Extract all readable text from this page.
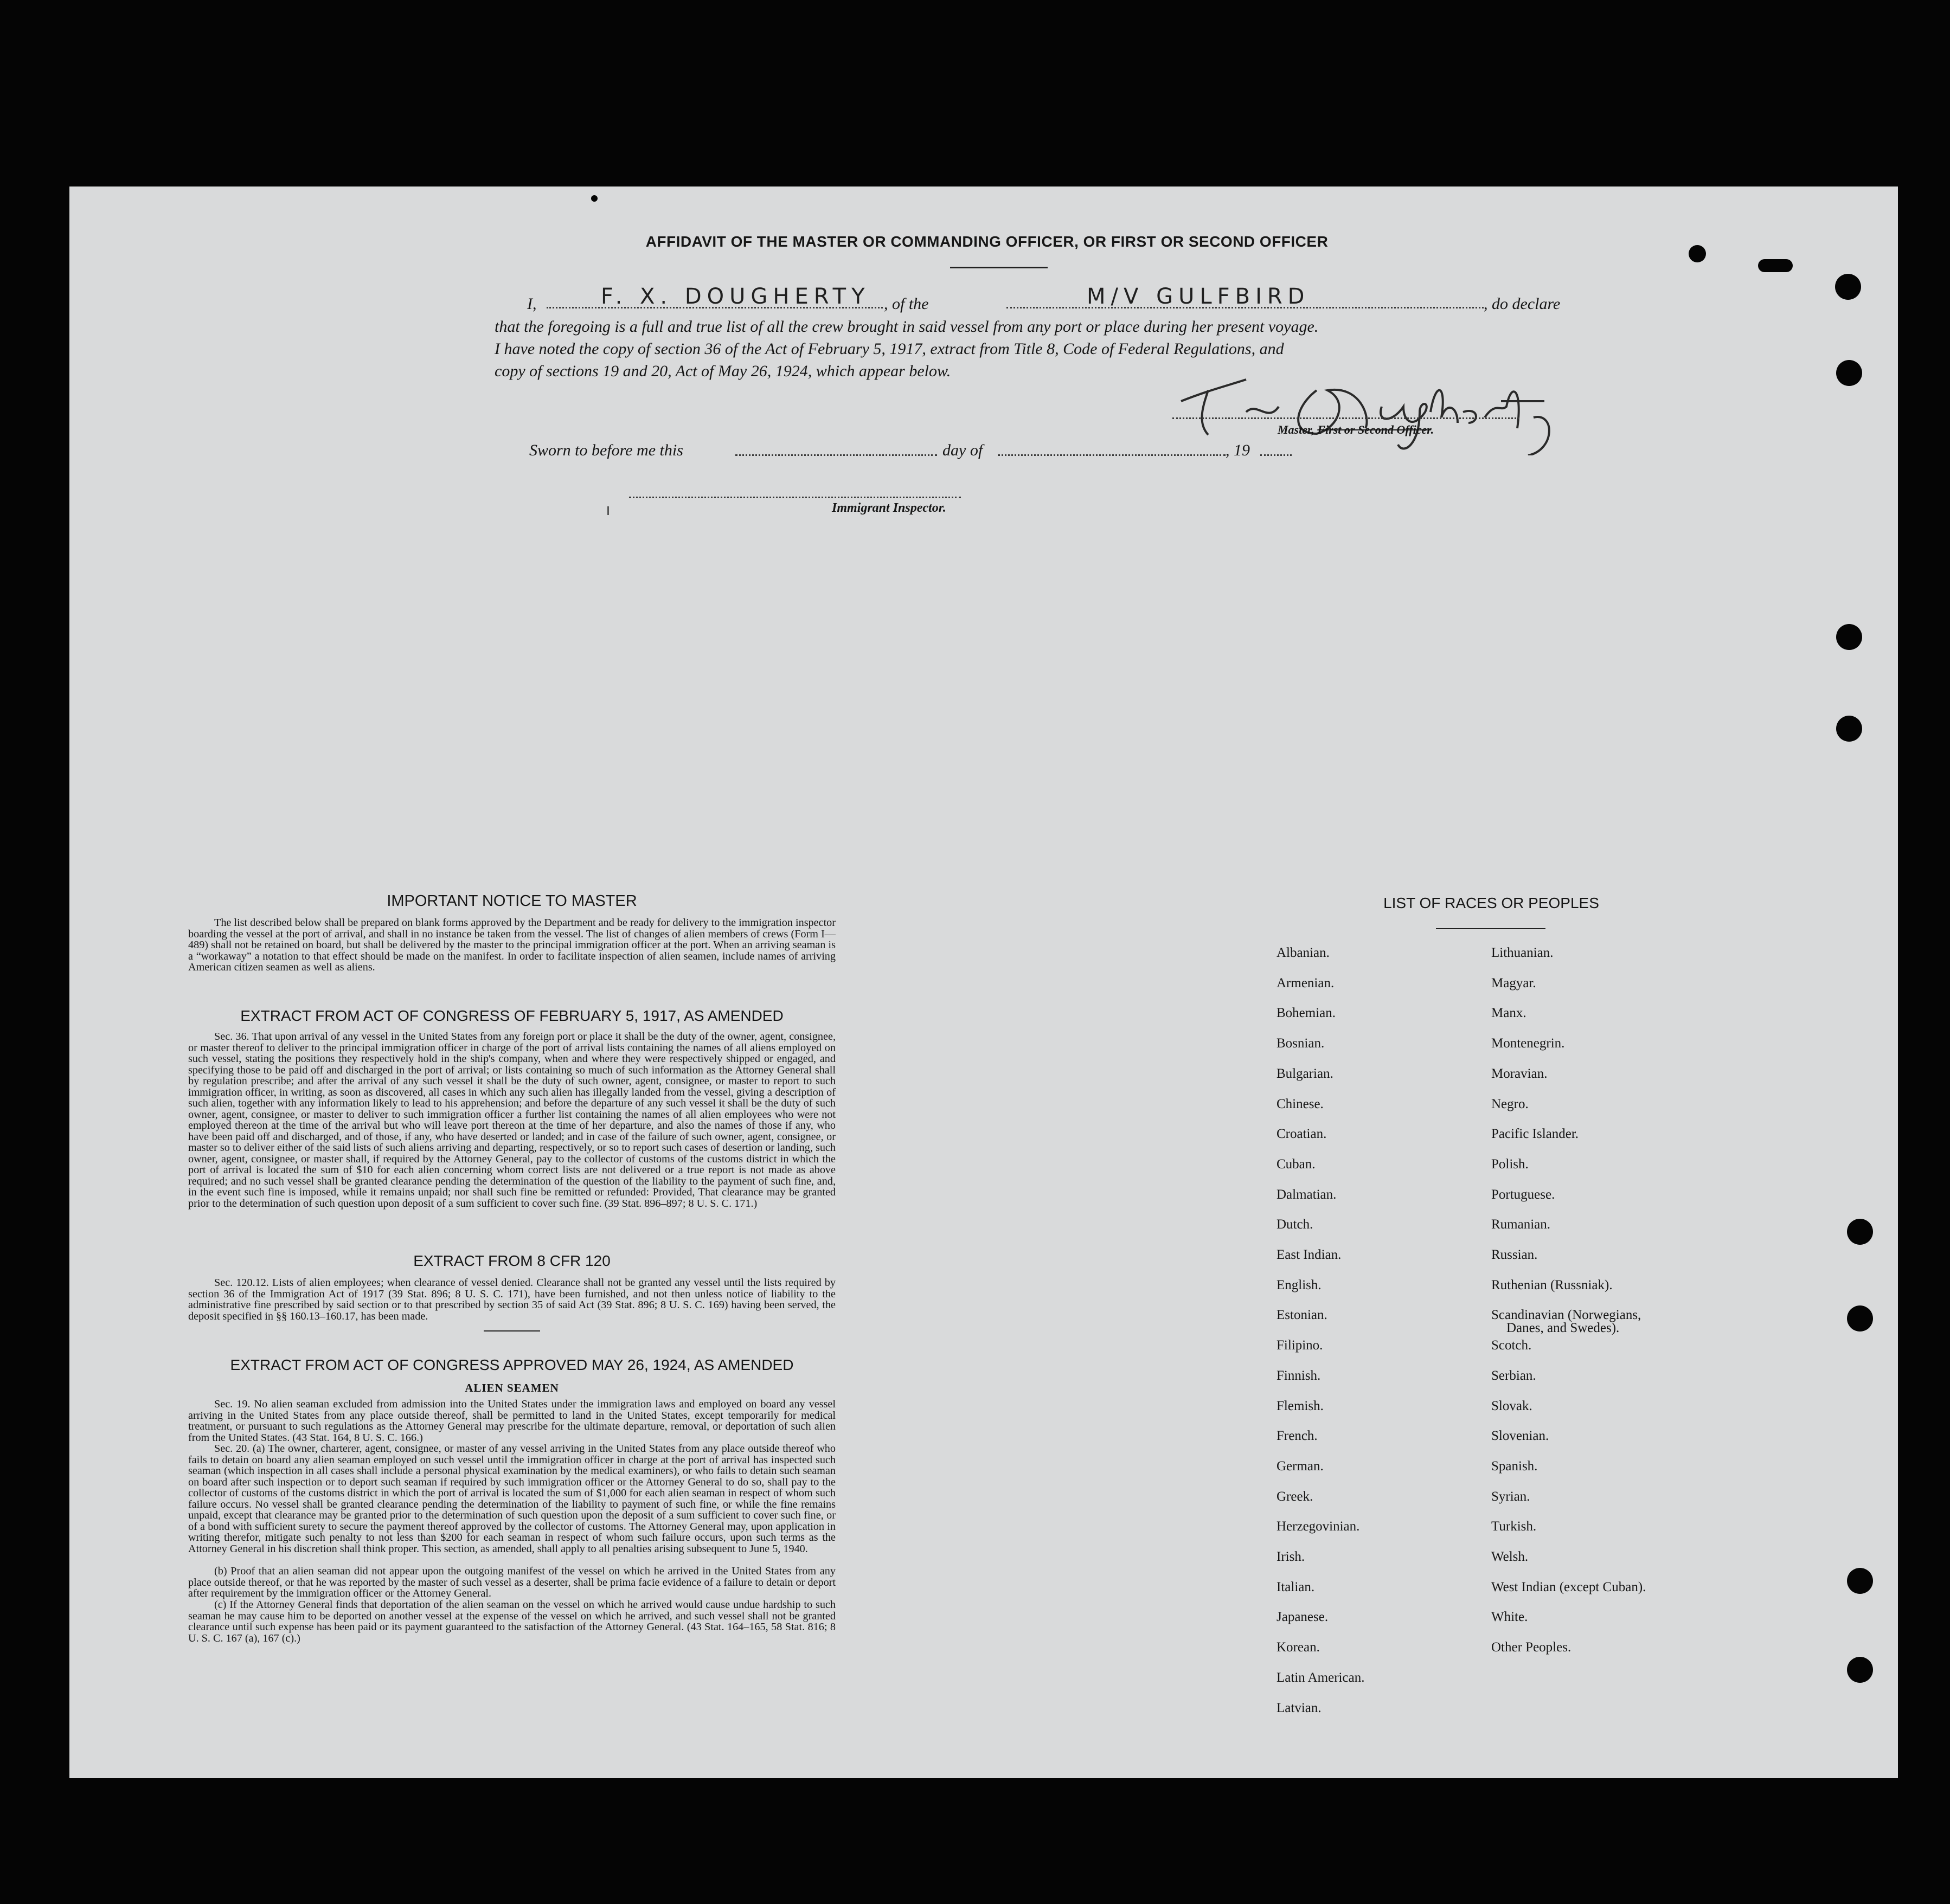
AFFIDAVIT OF THE MASTER OR COMMANDING OFFICER, OR FIRST OR SECOND OFFICER
I,	F. X. DOUGHERTY , of the	M/V GULFBIRD	, do declare
that the foregoing is a full and true list of all the crew brought in said vessel from any port or place during her present voyage.
I have noted the copy of section 36 of the Act of February 5, 1917, extract from Title 8, Code of Federal Regulations, and
copy of sections 19 and 20, Act of May 26, 1924, which appear below.
Master, First or Second Officer.
Sworn to before me this	day of	, 19
Immigrant Inspector.
IMPORTANT NOTICE TO MASTER
The list described below shall be prepared on blank forms approved by the Department and be ready for delivery to the immigration inspector boarding the vessel at the port of arrival, and shall in no instance be taken from the vessel. The list of changes of alien members of crews (Form I—489) shall not be retained on board, but shall be delivered by the master to the principal immigration officer at the port. When an arriving seaman is a “workaway” a notation to that effect should be made on the manifest. In order to facilitate inspection of alien seamen, include names of arriving American citizen seamen as well as aliens.
EXTRACT FROM ACT OF CONGRESS OF FEBRUARY 5, 1917, AS AMENDED
Sec. 36. That upon arrival of any vessel in the United States from any foreign port or place it shall be the duty of the owner, agent, consignee, or master thereof to deliver to the principal immigration officer in charge of the port of arrival lists containing the names of all aliens employed on such vessel, stating the positions they respectively hold in the ship's company, when and where they were respectively shipped or engaged, and specifying those to be paid off and discharged in the port of arrival; or lists containing so much of such information as the Attorney General shall by regulation prescribe; and after the arrival of any such vessel it shall be the duty of such owner, agent, consignee, or master to report to such immigration officer, in writing, as soon as discovered, all cases in which any such alien has illegally landed from the vessel, giving a description of such alien, together with any information likely to lead to his apprehension; and before the departure of any such vessel it shall be the duty of such owner, agent, consignee, or master to deliver to such immigration officer a further list containing the names of all alien employees who were not employed thereon at the time of the arrival but who will leave port thereon at the time of her departure, and also the names of those if any, who have been paid off and discharged, and of those, if any, who have deserted or landed; and in case of the failure of such owner, agent, consignee, or master so to deliver either of the said lists of such aliens arriving and departing, respectively, or so to report such cases of desertion or landing, such owner, agent, consignee, or master shall, if required by the Attorney General, pay to the collector of customs of the customs district in which the port of arrival is located the sum of $10 for each alien concerning whom correct lists are not delivered or a true report is not made as above required; and no such vessel shall be granted clearance pending the determination of the question of the liability to the payment of such fine, and, in the event such fine is imposed, while it remains unpaid; nor shall such fine be remitted or refunded: Provided, That clearance may be granted prior to the determination of such question upon deposit of a sum sufficient to cover such fine. (39 Stat. 896–897; 8 U. S. C. 171.)
EXTRACT FROM 8 CFR 120
Sec. 120.12. Lists of alien employees; when clearance of vessel denied. Clearance shall not be granted any vessel until the lists required by section 36 of the Immigration Act of 1917 (39 Stat. 896; 8 U. S. C. 171), have been furnished, and not then unless notice of liability to the administrative fine prescribed by said section or to that prescribed by section 35 of said Act (39 Stat. 896; 8 U. S. C. 169) having been served, the deposit specified in §§ 160.13–160.17, has been made.
EXTRACT FROM ACT OF CONGRESS APPROVED MAY 26, 1924, AS AMENDED
ALIEN SEAMEN
Sec. 19. No alien seaman excluded from admission into the United States under the immigration laws and employed on board any vessel arriving in the United States from any place outside thereof, shall be permitted to land in the United States, except temporarily for medical treatment, or pursuant to such regulations as the Attorney General may prescribe for the ultimate departure, removal, or deportation of such alien from the United States. (43 Stat. 164, 8 U. S. C. 166.)
Sec. 20. (a) The owner, charterer, agent, consignee, or master of any vessel arriving in the United States from any place outside thereof who fails to detain on board any alien seaman employed on such vessel until the immigration officer in charge at the port of arrival has inspected such seaman (which inspection in all cases shall include a personal physical examination by the medical examiners), or who fails to detain such seaman on board after such inspection or to deport such seaman if required by such immigration officer or the Attorney General to do so, shall pay to the collector of customs of the customs district in which the port of arrival is located the sum of $1,000 for each alien seaman in respect of whom such failure occurs. No vessel shall be granted clearance pending the determination of the liability to payment of such fine, or while the fine remains unpaid, except that clearance may be granted prior to the determination of such question upon the deposit of a sum sufficient to cover such fine, or of a bond with sufficient surety to secure the payment thereof approved by the collector of customs. The Attorney General may, upon application in writing therefor, mitigate such penalty to not less than $200 for each seaman in respect of whom such failure occurs, upon such terms as the Attorney General in his discretion shall think proper. This section, as amended, shall apply to all penalties arising subsequent to June 5, 1940.
(b) Proof that an alien seaman did not appear upon the outgoing manifest of the vessel on which he arrived in the United States from any place outside thereof, or that he was reported by the master of such vessel as a deserter, shall be prima facie evidence of a failure to detain or deport after requirement by the immigration officer or the Attorney General.
(c) If the Attorney General finds that deportation of the alien seaman on the vessel on which he arrived would cause undue hardship to such seaman he may cause him to be deported on another vessel at the expense of the vessel on which he arrived, and such vessel shall not be granted clearance until such expense has been paid or its payment guaranteed to the satisfaction of the Attorney General. (43 Stat. 164–165, 58 Stat. 816; 8 U. S. C. 167 (a), 167 (c).)
LIST OF RACES OR PEOPLES
Albanian.
Armenian.
Bohemian.
Bosnian.
Bulgarian.
Chinese.
Croatian.
Cuban.
Dalmatian.
Dutch.
East Indian.
English.
Estonian.
Filipino.
Finnish.
Flemish.
French.
German.
Greek.
Herzegovinian.
Irish.
Italian.
Japanese.
Korean.
Latin American.
Latvian.
Lithuanian.
Magyar.
Manx.
Montenegrin.
Moravian.
Negro.
Pacific Islander.
Polish.
Portuguese.
Rumanian.
Russian.
Ruthenian (Russniak).
Scandinavian (Norwegians,
Danes, and Swedes).
Scotch.
Serbian.
Slovak.
Slovenian.
Spanish.
Syrian.
Turkish.
Welsh.
West Indian (except Cuban).
White.
Other Peoples.
